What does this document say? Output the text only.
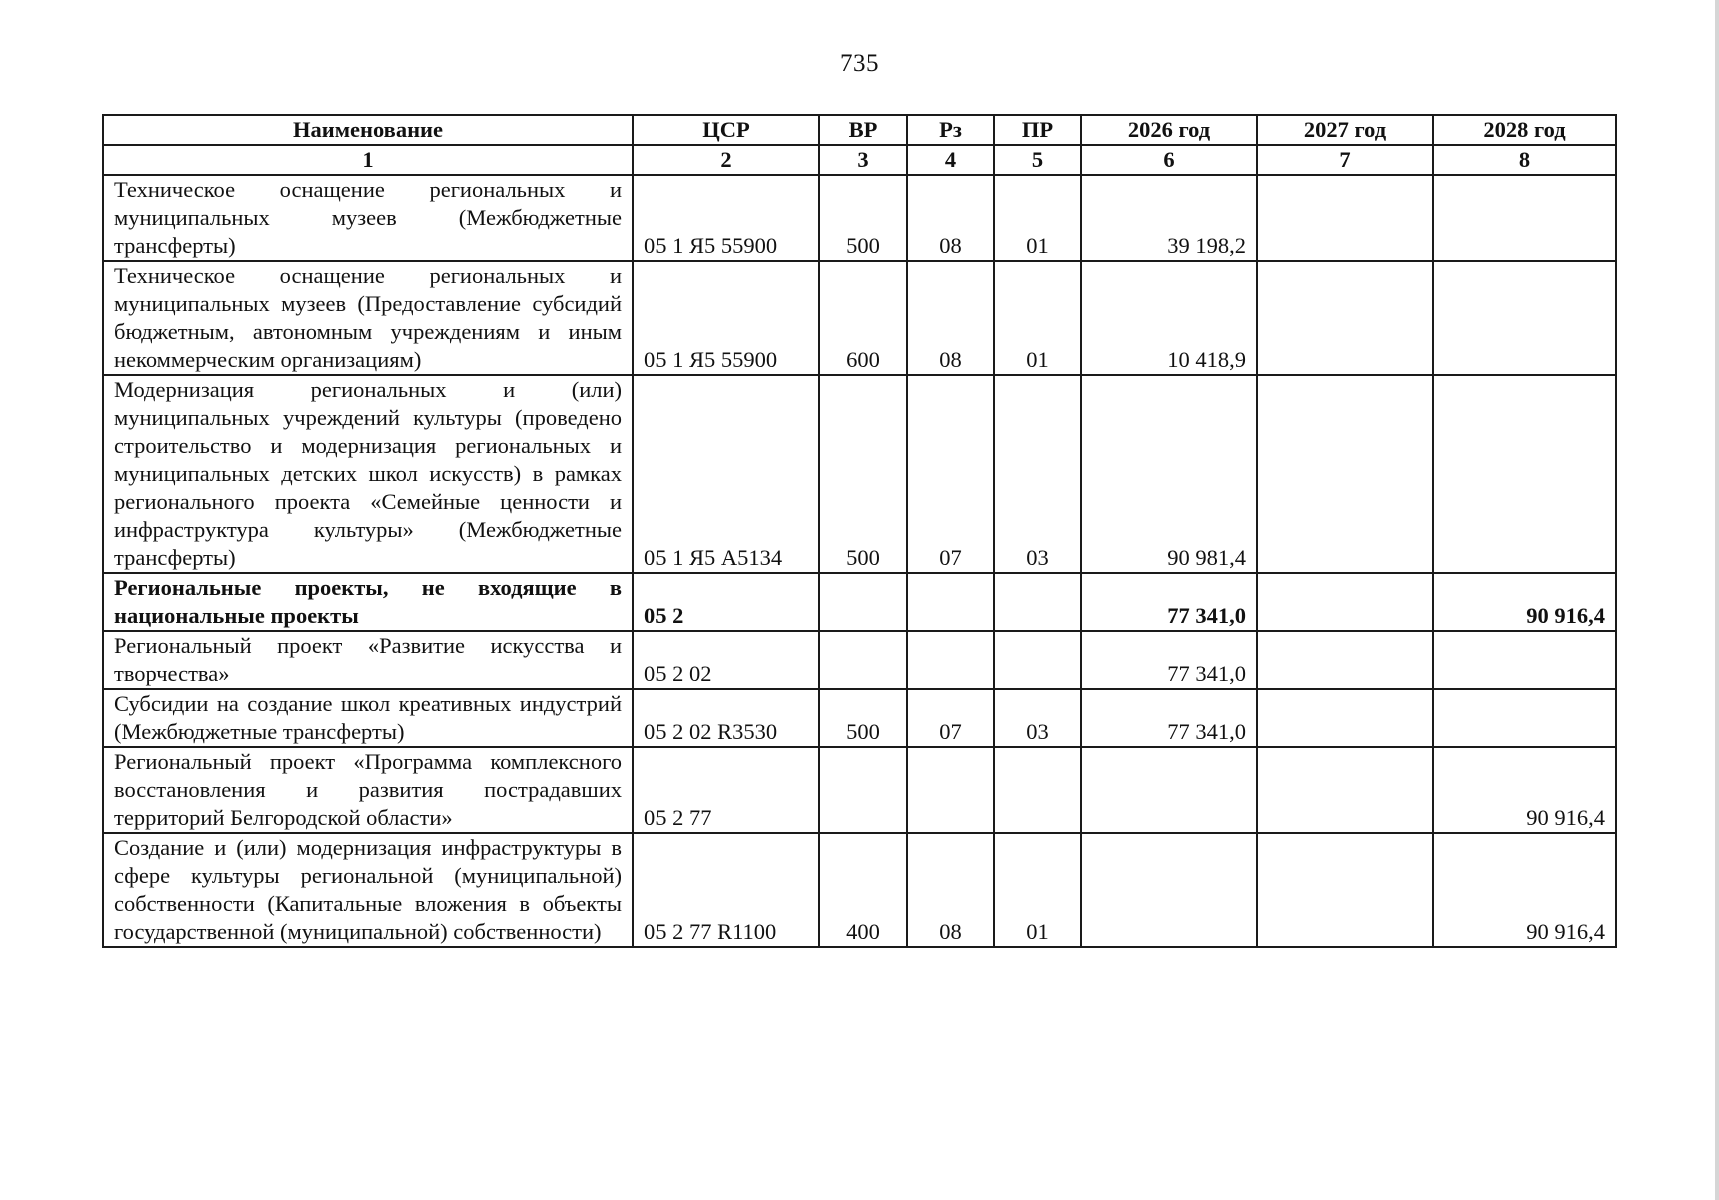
735
Наименование	ЦСР	ВР	Рз	ПР	2026 год	2027 год	2028 год
1	2	3	4	5	6	7	8
Техническое оснащение региональных и муниципальных музеев (Межбюджетные трансферты)	05 1 Я5 55900	500	08	01	39 198,2		
Техническое оснащение региональных и муниципальных музеев (Предоставление субсидий бюджетным, автономным учреждениям и иным некоммерческим организациям)	05 1 Я5 55900	600	08	01	10 418,9		
Модернизация региональных и (или) муниципальных учреждений культуры (проведено строительство и модернизация региональных и муниципальных детских школ искусств) в рамках регионального проекта «Семейные ценности и инфраструктура культуры» (Межбюджетные трансферты)	05 1 Я5 А5134	500	07	03	90 981,4		
Региональные проекты, не входящие в национальные проекты	05 2				77 341,0		90 916,4
Региональный проект «Развитие искусства и творчества»	05 2 02				77 341,0		
Субсидии на создание школ креативных индустрий (Межбюджетные трансферты)	05 2 02 R3530	500	07	03	77 341,0		
Региональный проект «Программа комплексного восстановления и развития пострадавших территорий Белгородской области»	05 2 77						90 916,4
Создание и (или) модернизация инфраструктуры в сфере культуры региональной (муниципальной) собственности (Капитальные вложения в объекты государственной (муниципальной) собственности)	05 2 77 R1100	400	08	01			90 916,4
